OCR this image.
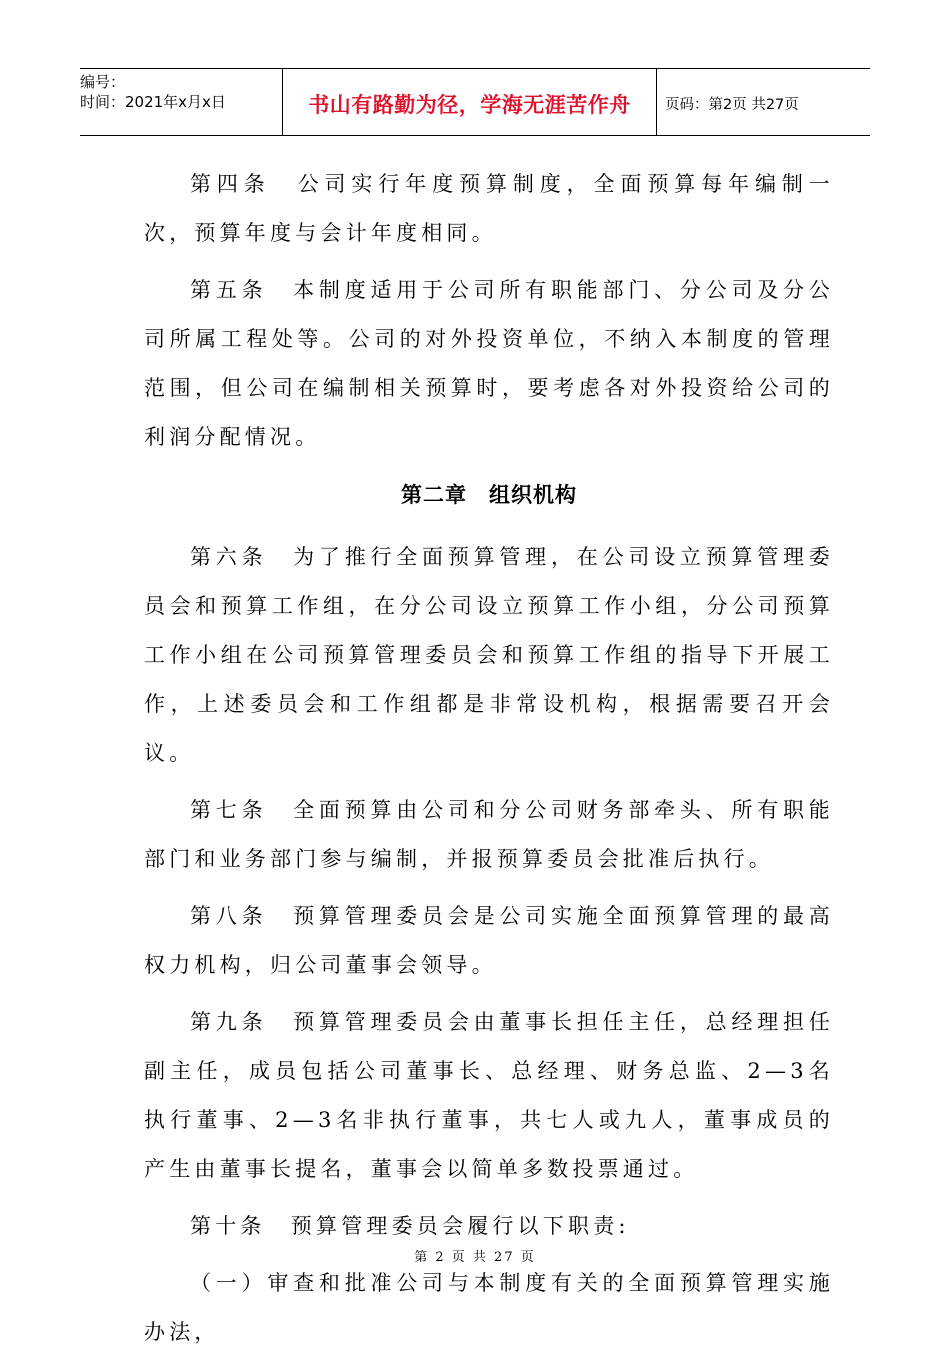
编号：
时间：2021年x月x日	书山有路勤为径，学海无涯苦作舟	页码：第2页 共27页

第四条　公司实行年度预算制度，全面预算每年编制一次，预算年度与会计年度相同。

第五条　本制度适用于公司所有职能部门、分公司及分公司所属工程处等。公司的对外投资单位，不纳入本制度的管理范围，但公司在编制相关预算时，要考虑各对外投资给公司的利润分配情况。

第二章　组织机构

第六条　为了推行全面预算管理，在公司设立预算管理委员会和预算工作组，在分公司设立预算工作小组，分公司预算工作小组在公司预算管理委员会和预算工作组的指导下开展工作，上述委员会和工作组都是非常设机构，根据需要召开会议。

第七条　全面预算由公司和分公司财务部牵头、所有职能部门和业务部门参与编制，并报预算委员会批准后执行。

第八条　预算管理委员会是公司实施全面预算管理的最高权力机构，归公司董事会领导。

第九条　预算管理委员会由董事长担任主任，总经理担任副主任，成员包括公司董事长、总经理、财务总监、2—3名执行董事、2—3名非执行董事，共七人或九人，董事成员的产生由董事长提名，董事会以简单多数投票通过。

第十条　预算管理委员会履行以下职责:

（一）审查和批准公司与本制度有关的全面预算管理实施办法，

第 2 页 共 27 页
